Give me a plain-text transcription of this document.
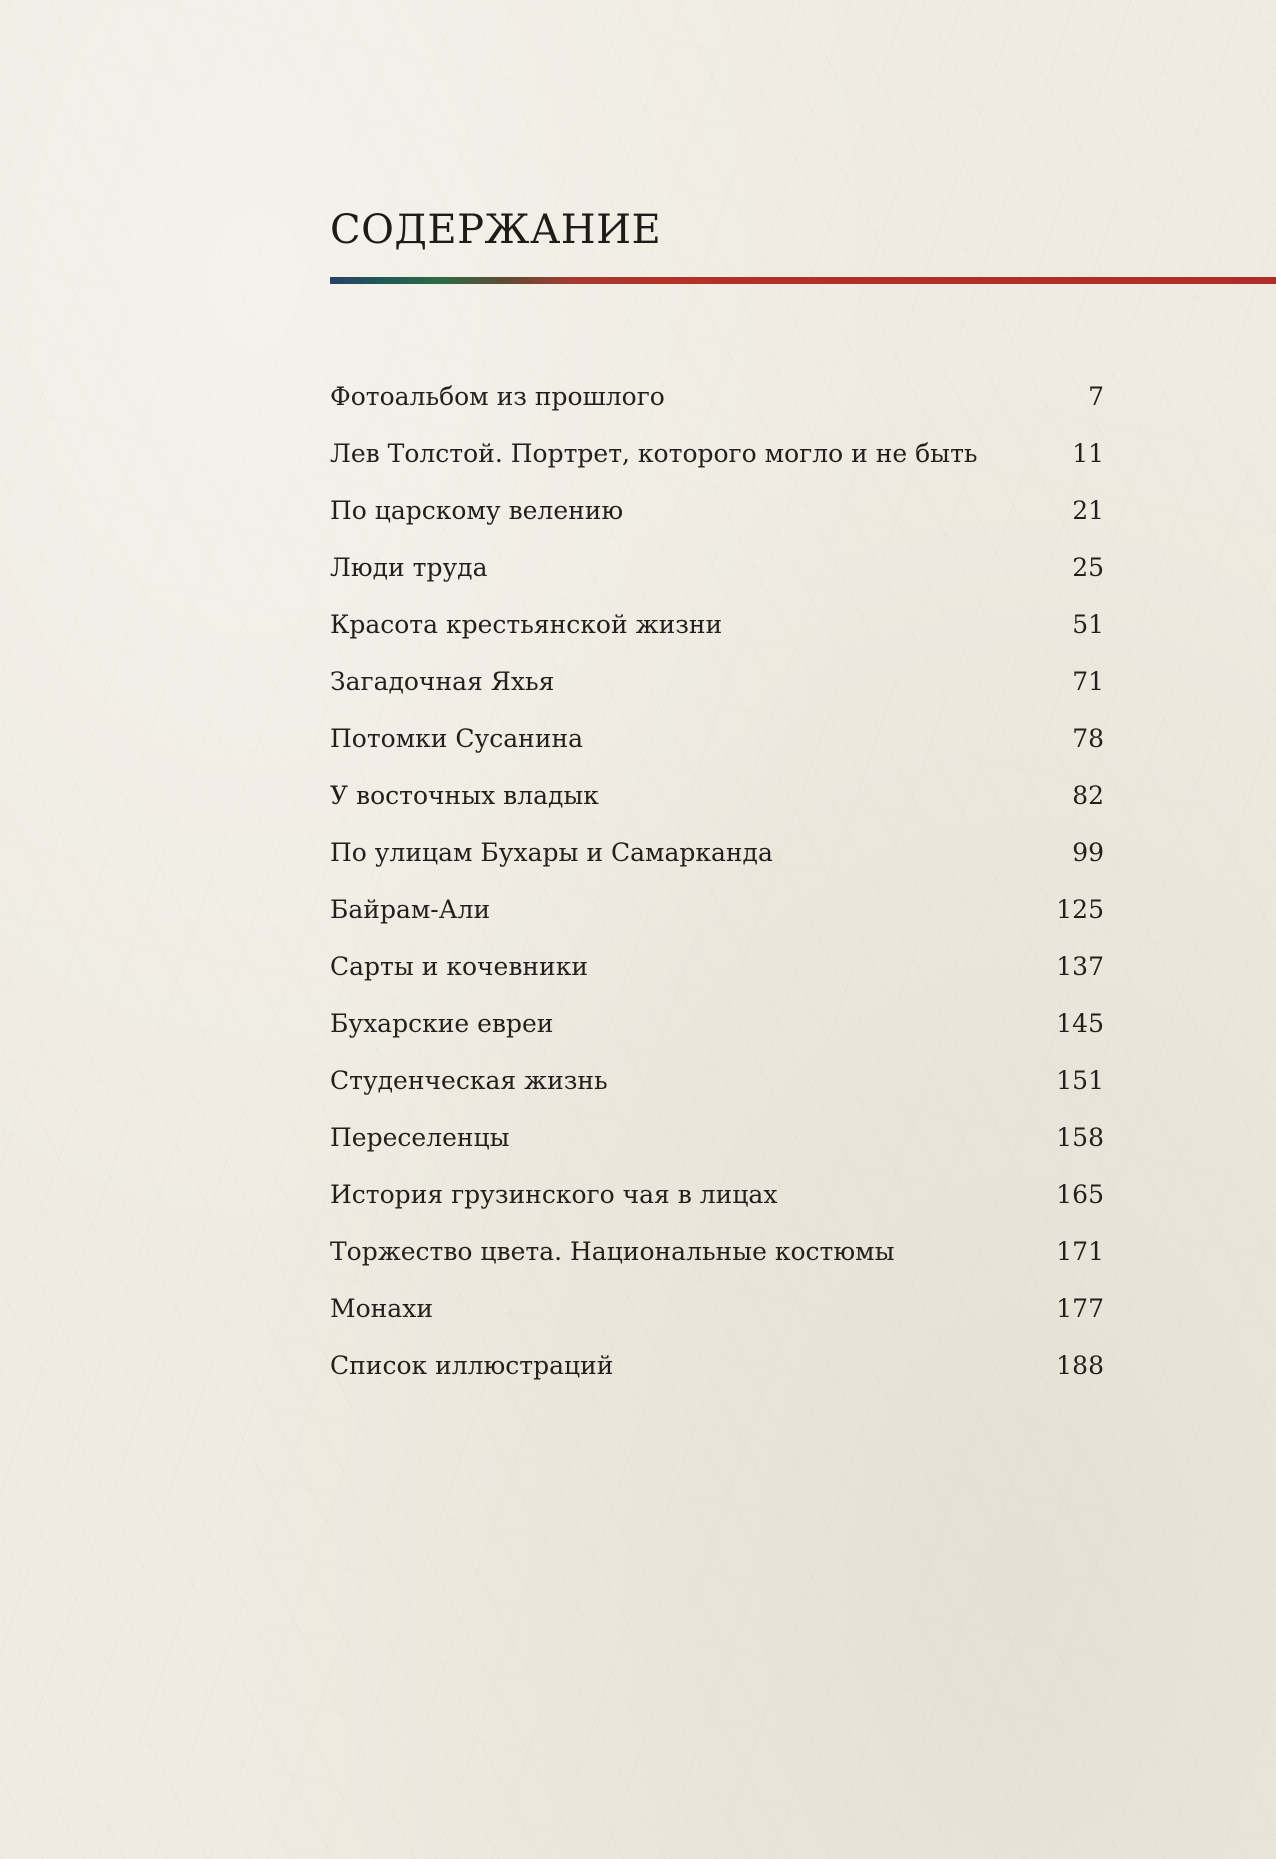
СОДЕРЖАНИЕ
Фотоальбом из прошлого	7
Лев Толстой. Портрет, которого могло и не быть	11
По царскому велению	21
Люди труда	25
Красота крестьянской жизни	51
Загадочная Яхья	71
Потомки Сусанина	78
У восточных владык	82
По улицам Бухары и Самарканда	99
Байрам-Али	125
Сарты и кочевники	137
Бухарские евреи	145
Студенческая жизнь	151
Переселенцы	158
История грузинского чая в лицах	165
Торжество цвета. Национальные костюмы	171
Монахи	177
Список иллюстраций	188
